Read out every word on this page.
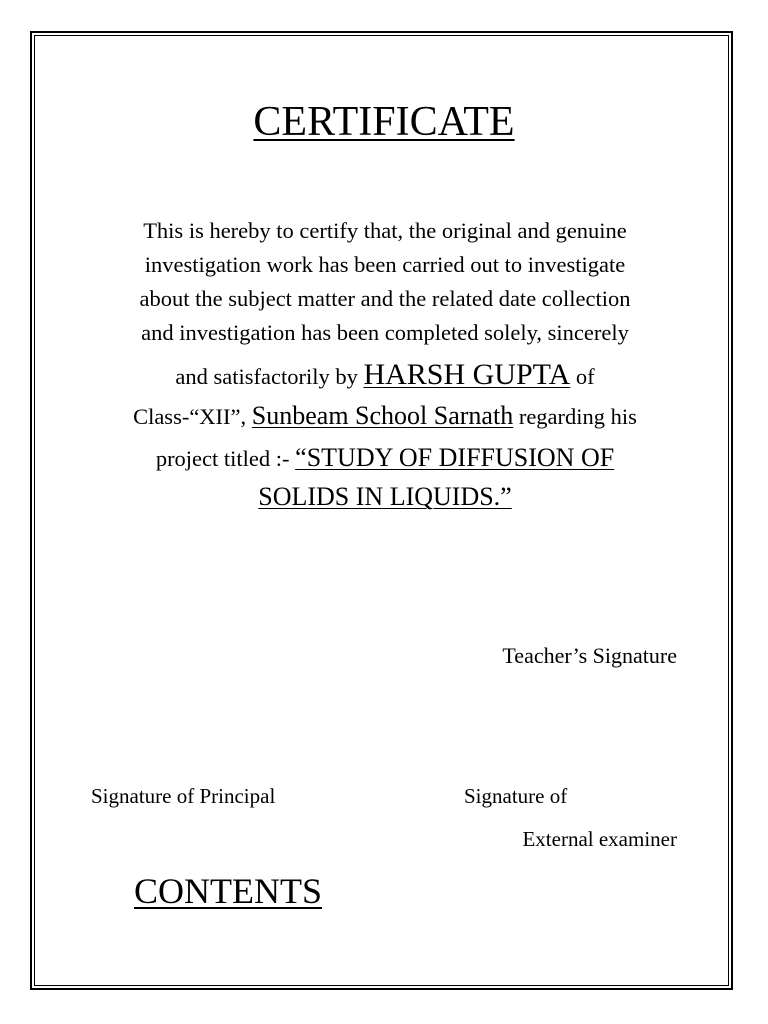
CERTIFICATE
This is hereby to certify that, the original and genuine
investigation work has been carried out to investigate
about the subject matter and the related date collection
and investigation has been completed solely, sincerely
and satisfactorily by HARSH GUPTA of
Class-“XII”, Sunbeam School Sarnath regarding his
project titled :- “STUDY OF DIFFUSION OF
SOLIDS IN LIQUIDS.”
Teacher’s Signature
Signature of Principal	Signature of
External examiner
CONTENTS
